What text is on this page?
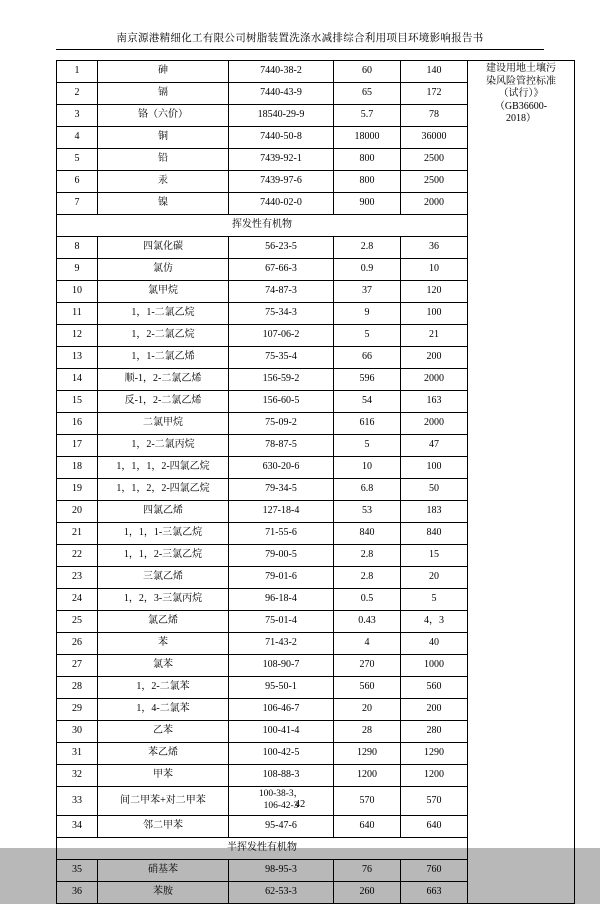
南京源港精细化工有限公司树脂装置洗涤水减排综合利用项目环境影响报告书
1	砷	7440-38-2	60	140	建设用地土壤污
染风险管控标准
（试行）》
（GB36600-
2018）

2	镉	7440-43-9	65	172	
3	铬（六价）	18540-29-9	5.7	78	
4	铜	7440-50-8	18000	36000	
5	铅	7439-92-1	800	2500	
6	汞	7439-97-6	800	2500	
7	镍	7440-02-0	900	2000	
挥发性有机物					
8	四氯化碳	56-23-5	2.8	36	
9	氯仿	67-66-3	0.9	10	
10	氯甲烷	74-87-3	37	120	
11	1，1-二氯乙烷	75-34-3	9	100	
12	1，2-二氯乙烷	107-06-2	5	21	
13	1，1-二氯乙烯	75-35-4	66	200	
14	顺-1，2-二氯乙烯	156-59-2	596	2000	
15	反-1，2-二氯乙烯	156-60-5	54	163	
16	二氯甲烷	75-09-2	616	2000	
17	1，2-二氯丙烷	78-87-5	5	47	
18	1，1，1，2-四氯乙烷	630-20-6	10	100	
19	1，1，2，2-四氯乙烷	79-34-5	6.8	50	
20	四氯乙烯	127-18-4	53	183	
21	1，1，1-三氯乙烷	71-55-6	840	840	
22	1，1，2-三氯乙烷	79-00-5	2.8	15	
23	三氯乙烯	79-01-6	2.8	20	
24	1，2，3-三氯丙烷	96-18-4	0.5	5	
25	氯乙烯	75-01-4	0.43	4，3	
26	苯	71-43-2	4	40	
27	氯苯	108-90-7	270	1000	
28	1，2-二氯苯	95-50-1	560	560	
29	1，4-二氯苯	106-46-7	20	200	
30	乙苯	100-41-4	28	280	
31	苯乙烯	100-42-5	1290	1290	
32	甲苯	108-88-3	1200	1200	
33	间二甲苯+对二甲苯	100-38-3，
106-42-3	570	570	
34	邻二甲苯	95-47-6	640	640	
半挥发性有机物					
35	硝基苯	98-95-3	76	760	
36	苯胺	62-53-3	260	663	
42
